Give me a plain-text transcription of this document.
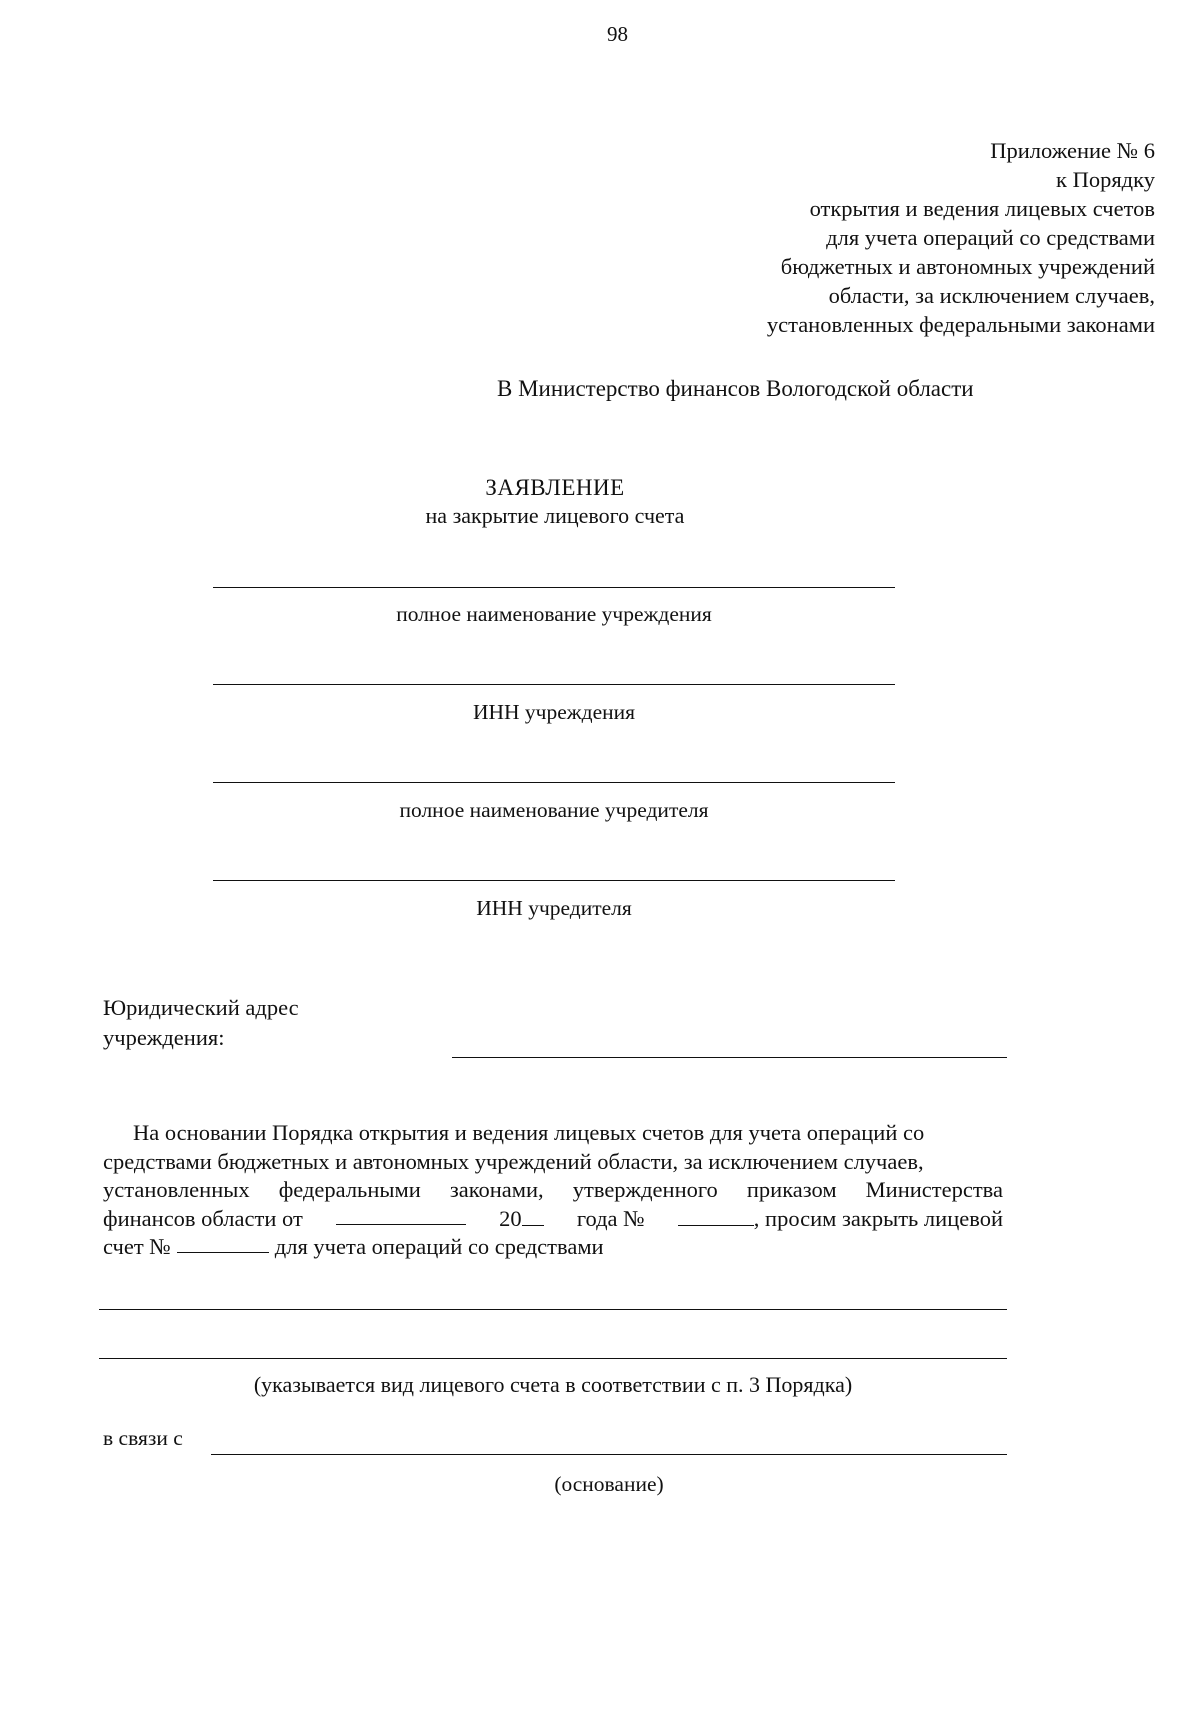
98
Приложение № 6
к Порядку
открытия и ведения лицевых счетов
для учета операций со средствами
бюджетных и автономных учреждений
области, за исключением случаев,
установленных федеральными законами
В Министерство финансов Вологодской области
ЗАЯВЛЕНИЕ
на закрытие лицевого счета
полное наименование учреждения
ИНН учреждения
полное наименование учредителя
ИНН учредителя
Юридический адрес
учреждения:
На основании Порядка открытия и ведения лицевых счетов для учета операций со
средствами бюджетных и автономных учреждений области, за исключением случаев,
установленных федеральными законами, утвержденного приказом Министерства
финансов области от	20	года №	, просим закрыть лицевой
счет №	для учета операций со средствами
(указывается вид лицевого счета в соответствии с п. 3 Порядка)
в связи с
(основание)
